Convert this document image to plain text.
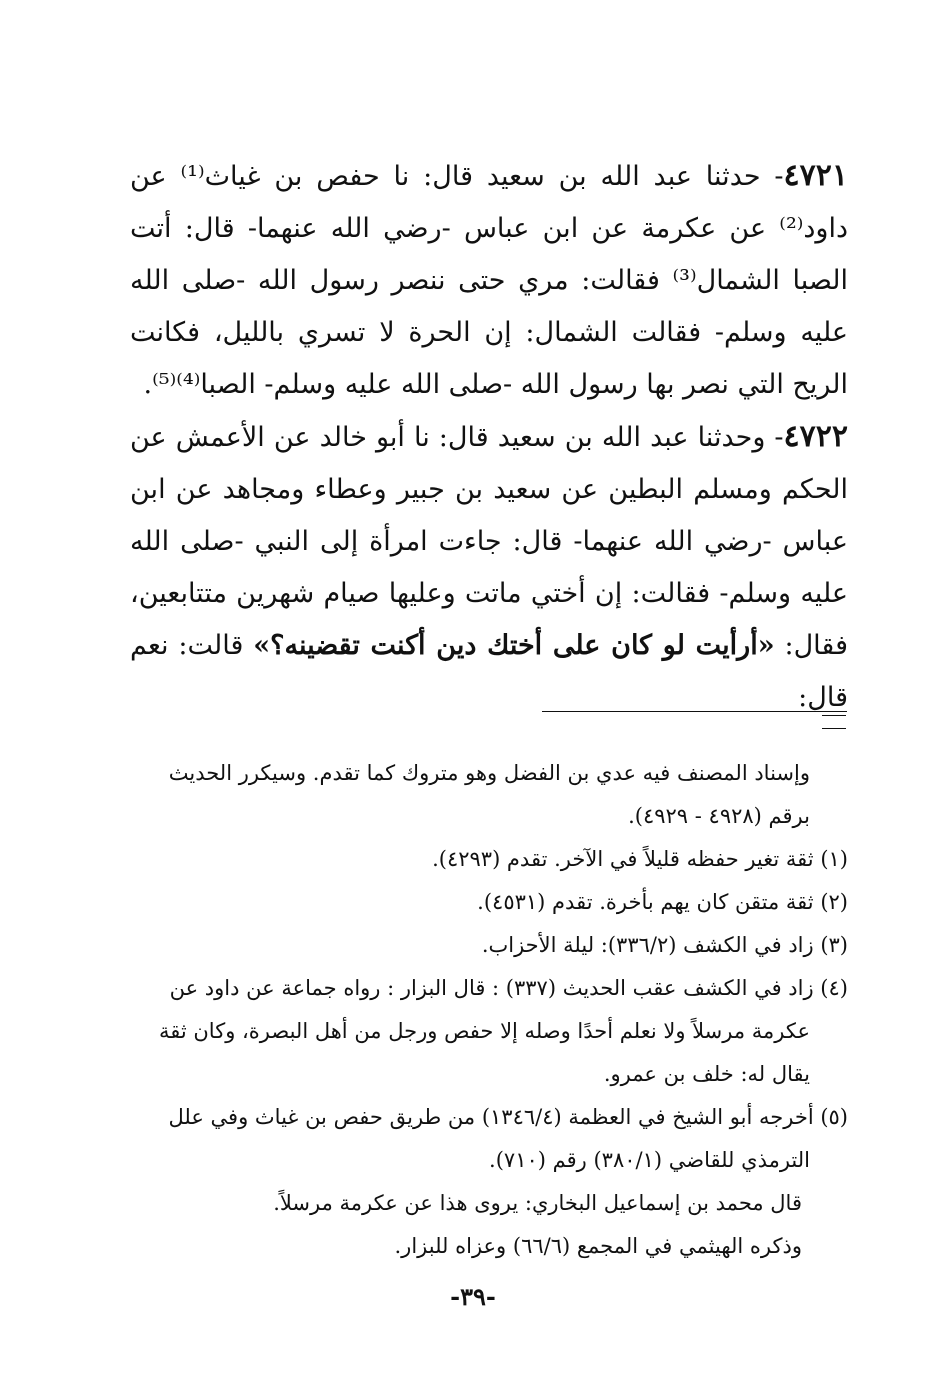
٤٧٢١- حدثنا عبد الله بن سعيد قال: نا حفص بن غياث⁽¹⁾ عن داود⁽²⁾ عن عكرمة عن ابن عباس -رضي الله عنهما- قال: أتت الصبا الشمال⁽³⁾ فقالت: مري حتى ننصر رسول الله -صلى الله عليه وسلم- فقالت الشمال: إن الحرة لا تسري بالليل، فكانت الريح التي نصر بها رسول الله -صلى الله عليه وسلم- الصبا⁽⁴⁾⁽⁵⁾.

٤٧٢٢- وحدثنا عبد الله بن سعيد قال: نا أبو خالد عن الأعمش عن الحكم ومسلم البطين عن سعيد بن جبير وعطاء ومجاهد عن ابن عباس -رضي الله عنهما- قال: جاءت امرأة إلى النبي -صلى الله عليه وسلم- فقالت: إن أختي ماتت وعليها صيام شهرين متتابعين، فقال: «أرأيت لو كان على أختك دين أكنت تقضينه؟» قالت: نعم قال:

وإسناد المصنف فيه عدي بن الفضل وهو متروك كما تقدم. وسيكرر الحديث

برقم (٤٩٢٨ - ٤٩٢٩).

(١) ثقة تغير حفظه قليلاً في الآخر. تقدم (٤٢٩٣).

(٢) ثقة متقن كان يهم بأخرة. تقدم (٤٥٣١).

(٣) زاد في الكشف (٣٣٦/٢): ليلة الأحزاب.

(٤) زاد في الكشف عقب الحديث (٣٣٧) : قال البزار : رواه جماعة عن داود عن عكرمة مرسلاً ولا نعلم أحدًا وصله إلا حفص ورجل من أهل البصرة، وكان ثقة يقال له: خلف بن عمرو.

(٥) أخرجه أبو الشيخ في العظمة (١٣٤٦/٤) من طريق حفص بن غياث وفي علل الترمذي للقاضي (٣٨٠/١) رقم (٧١٠).

قال محمد بن إسماعيل البخاري: يروى هذا عن عكرمة مرسلاً.

وذكره الهيثمي في المجمع (٦٦/٦) وعزاه للبزار.

-٣٩-
